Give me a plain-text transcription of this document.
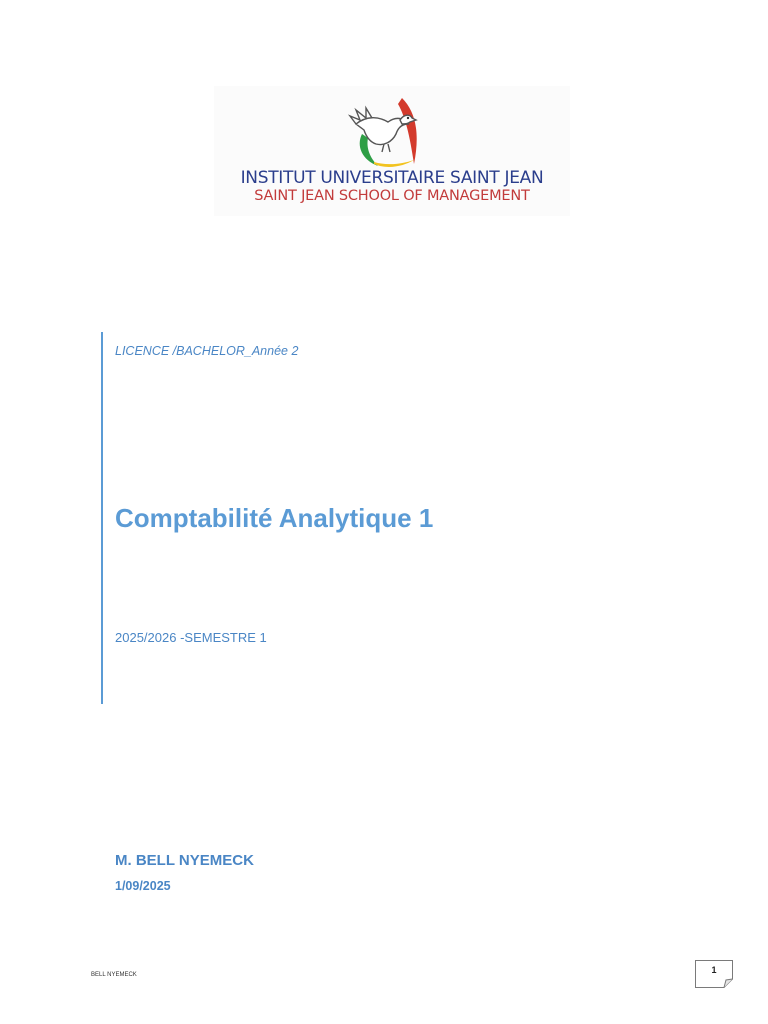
INSTITUT UNIVERSITAIRE SAINT JEAN
SAINT JEAN SCHOOL OF MANAGEMENT
LICENCE /BACHELOR_Année 2
Comptabilité Analytique 1
2025/2026 -SEMESTRE 1
M. BELL NYEMECK
1/09/2025
BELL NYEMECK	1
